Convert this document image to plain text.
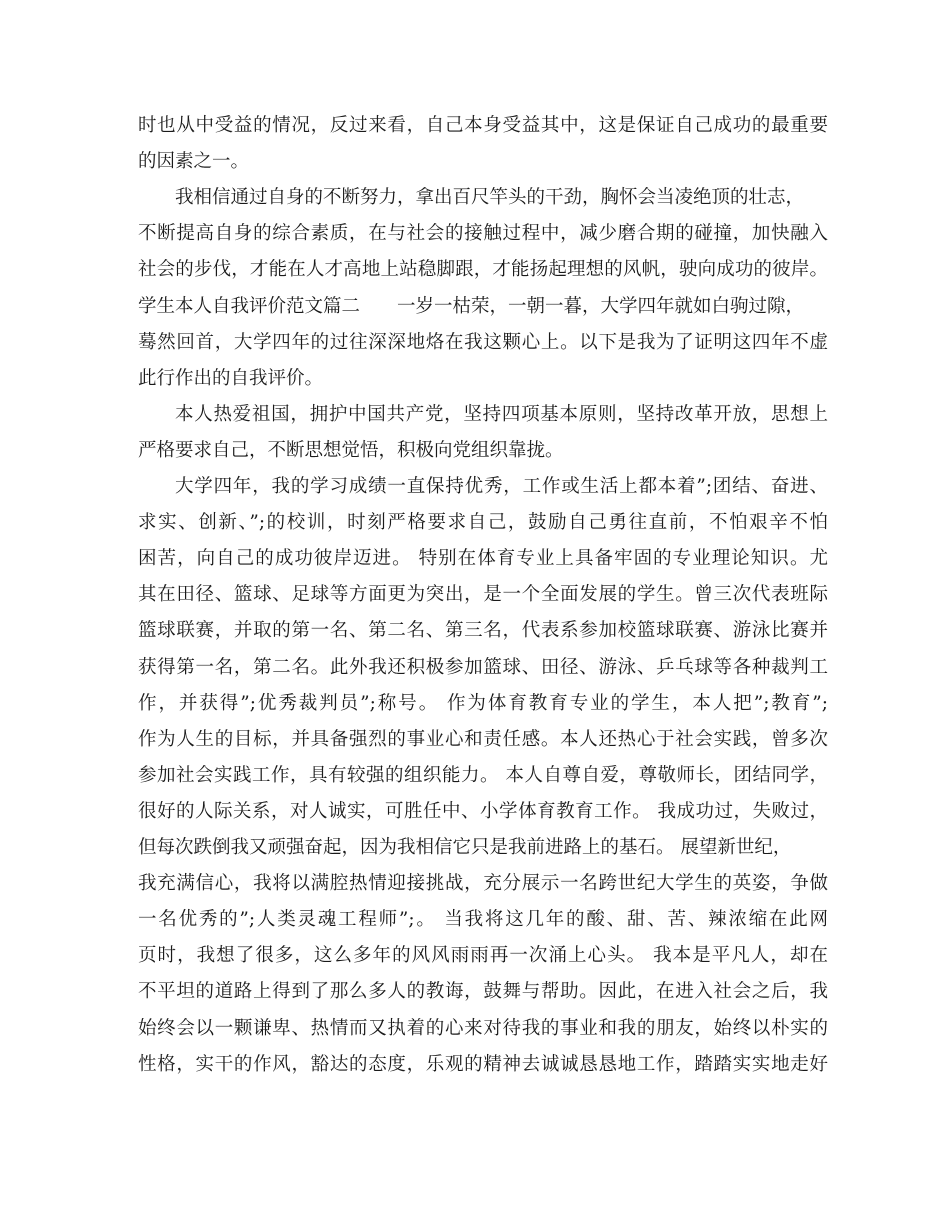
时也从中受益的情况，反过来看，自己本身受益其中，这是保证自己成功的最重要
的因素之一。
我相信通过自身的不断努力，拿出百尺竿头的干劲，胸怀会当凌绝顶的壮志，
不断提高自身的综合素质，在与社会的接触过程中，减少磨合期的碰撞，加快融入
社会的步伐，才能在人才高地上站稳脚跟，才能扬起理想的风帆，驶向成功的彼岸。
学生本人自我评价范文篇二　　一岁一枯荣，一朝一暮，大学四年就如白驹过隙，
蓦然回首，大学四年的过往深深地烙在我这颗心上。以下是我为了证明这四年不虚
此行作出的自我评价。
本人热爱祖国，拥护中国共产党，坚持四项基本原则，坚持改革开放，思想上
严格要求自己，不断思想觉悟，积极向党组织靠拢。
大学四年，我的学习成绩一直保持优秀，工作或生活上都本着”;团结、奋进、
求实、创新、”;的校训，时刻严格要求自己，鼓励自己勇往直前，不怕艰辛不怕
困苦，向自己的成功彼岸迈进。 特别在体育专业上具备牢固的专业理论知识。尤
其在田径、篮球、足球等方面更为突出，是一个全面发展的学生。曾三次代表班际
篮球联赛，并取的第一名、第二名、第三名，代表系参加校篮球联赛、游泳比赛并
获得第一名，第二名。此外我还积极参加篮球、田径、游泳、乒乓球等各种裁判工
作，并获得”;优秀裁判员”;称号。 作为体育教育专业的学生，本人把”;教育”;
作为人生的目标，并具备强烈的事业心和责任感。本人还热心于社会实践，曾多次
参加社会实践工作，具有较强的组织能力。 本人自尊自爱，尊敬师长，团结同学，
很好的人际关系，对人诚实，可胜任中、小学体育教育工作。 我成功过，失败过，
但每次跌倒我又顽强奋起，因为我相信它只是我前进路上的基石。 展望新世纪，
我充满信心，我将以满腔热情迎接挑战，充分展示一名跨世纪大学生的英姿，争做
一名优秀的”;人类灵魂工程师”;。 当我将这几年的酸、甜、苦、辣浓缩在此网
页时，我想了很多，这么多年的风风雨雨再一次涌上心头。 我本是平凡人，却在
不平坦的道路上得到了那么多人的教诲，鼓舞与帮助。因此，在进入社会之后，我
始终会以一颗谦卑、热情而又执着的心来对待我的事业和我的朋友，始终以朴实的
性格，实干的作风，豁达的态度，乐观的精神去诚诚恳恳地工作，踏踏实实地走好
